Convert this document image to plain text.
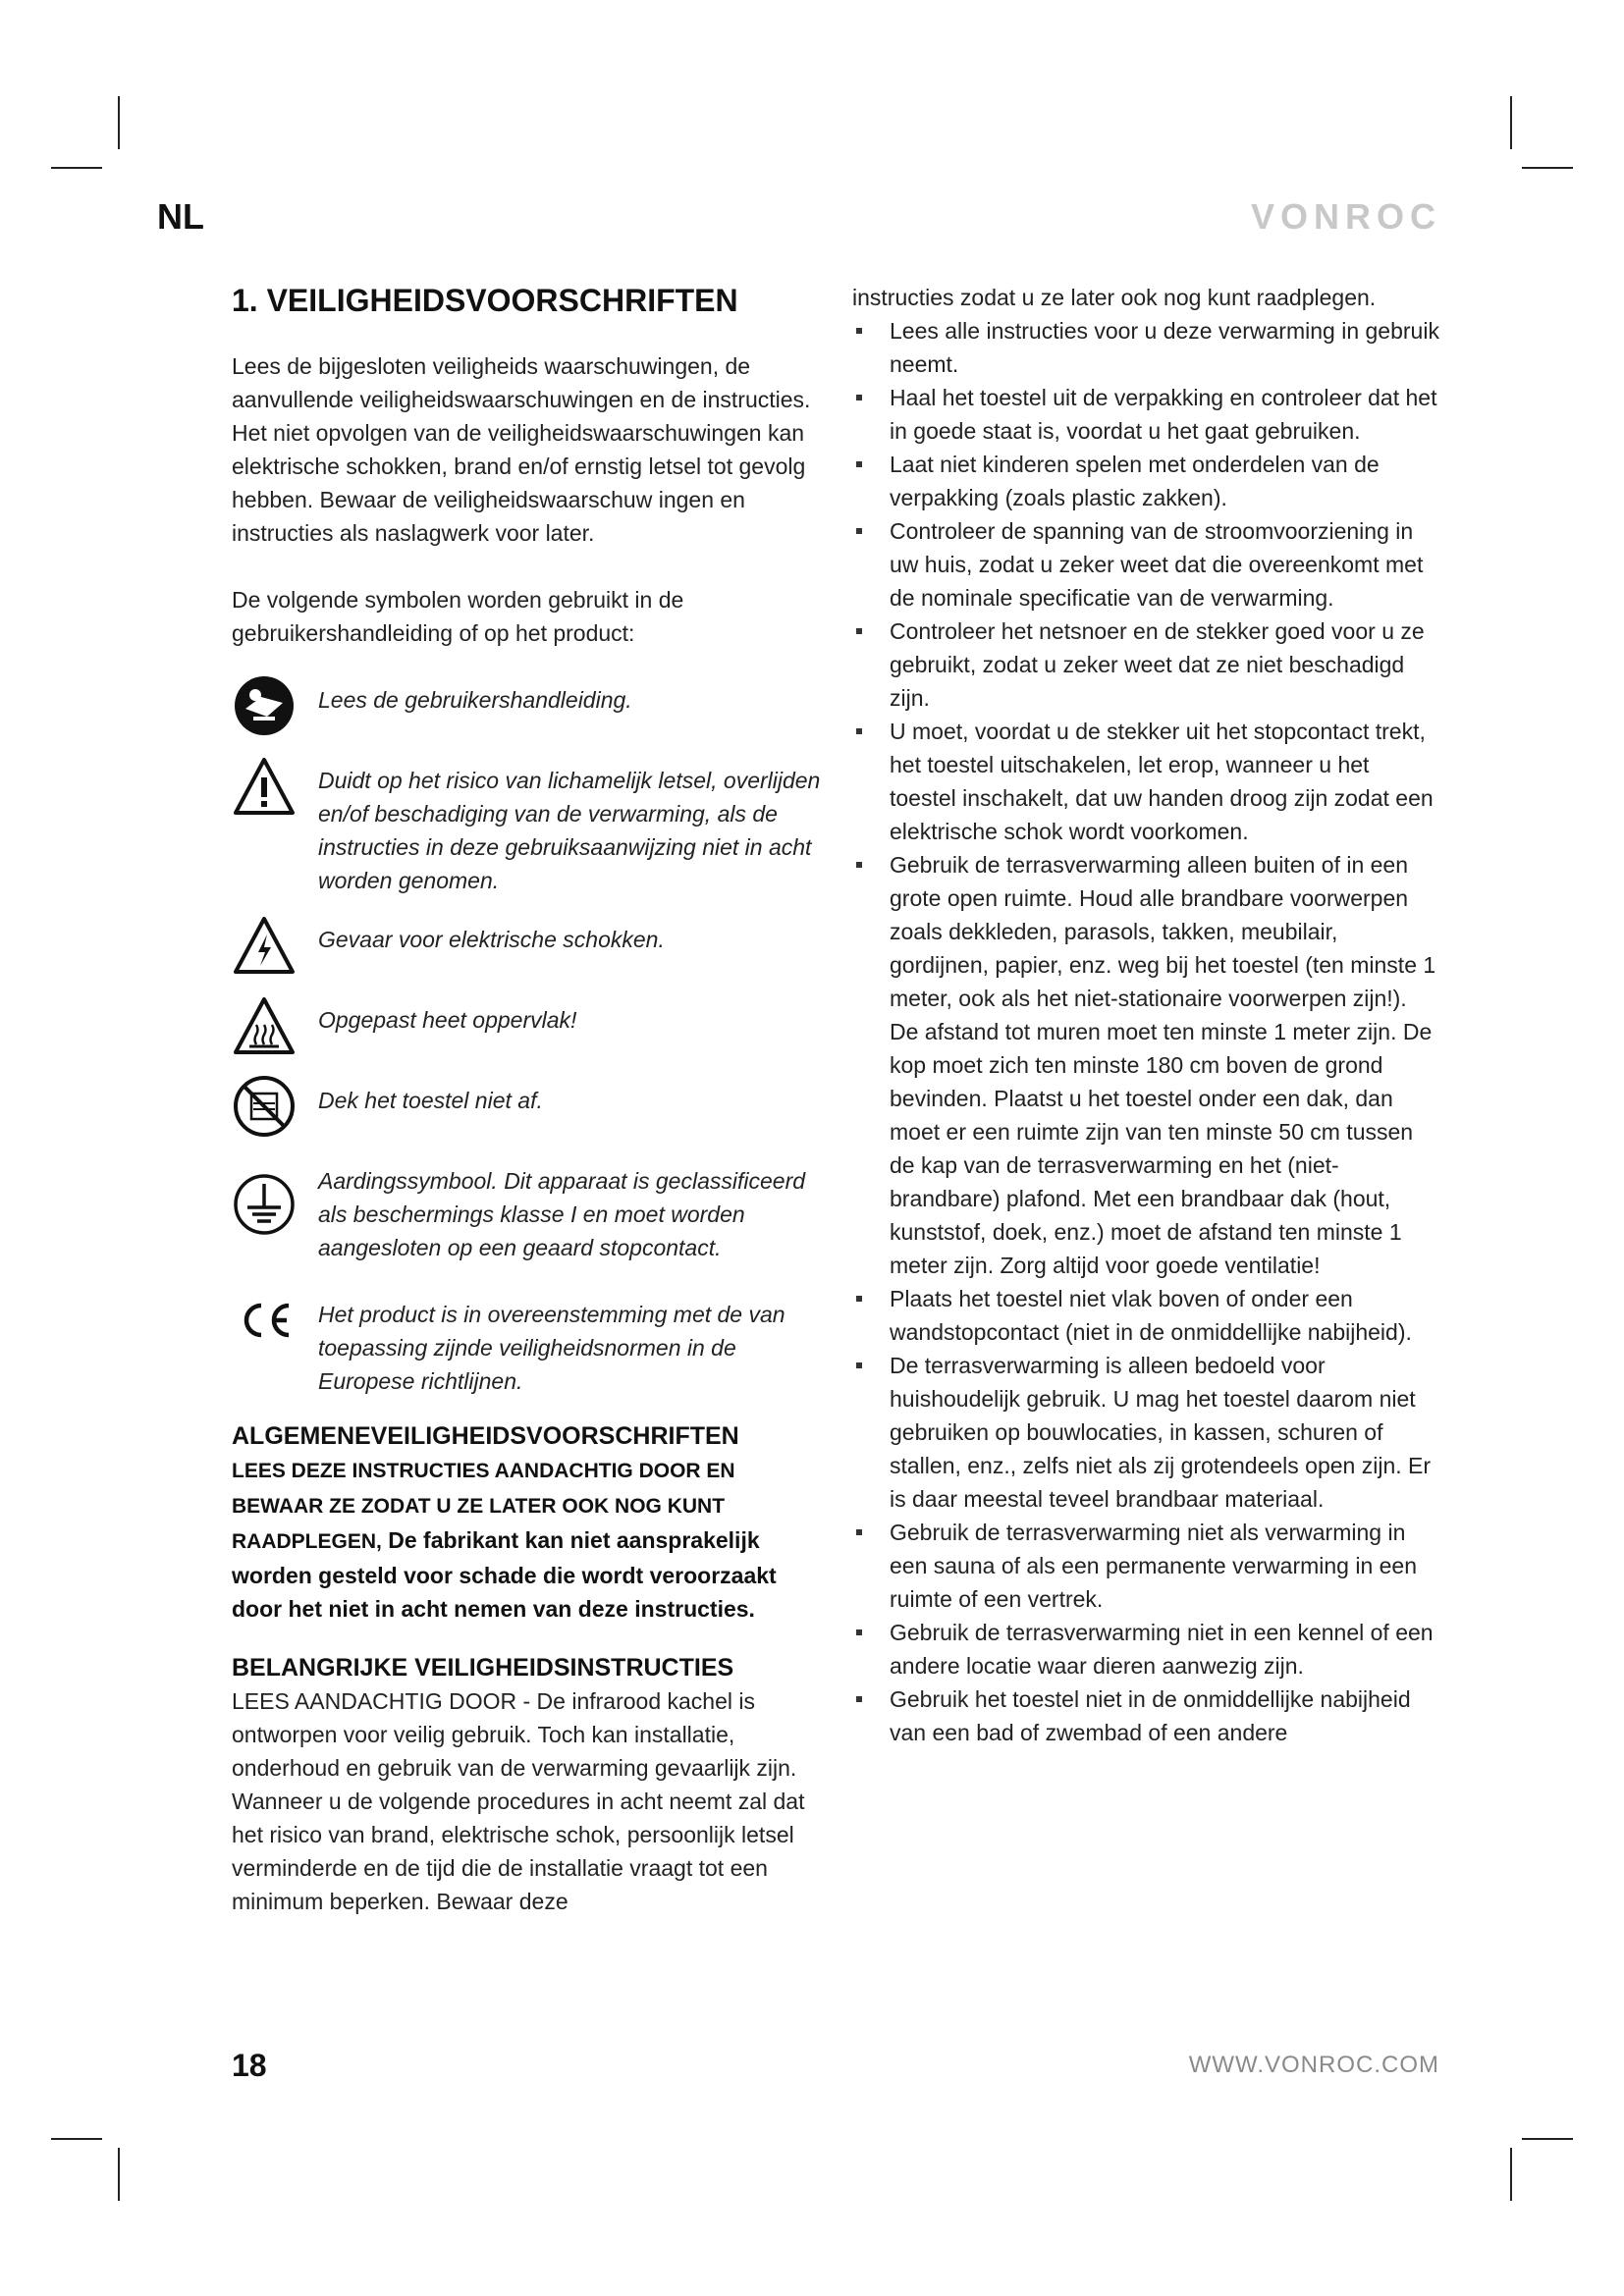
NL	VONROC
1. VEILIGHEIDSVOORSCHRIFTEN

Lees de bijgesloten veiligheids waarschuwingen, de aanvullende veiligheidswaarschuwingen en de instructies. Het niet opvolgen van de veiligheidswaarschuwingen kan elektrische schokken, brand en/of ernstig letsel tot gevolg hebben. Bewaar de veiligheidswaarschuw ingen en instructies als naslagwerk voor later.

De volgende symbolen worden gebruikt in de gebruikershandleiding of op het product:

Lees de gebruikershandleiding.
Duidt op het risico van lichamelijk letsel, overlijden en/of beschadiging van de verwarming, als de instructies in deze gebruiksaanwijzing niet in acht worden genomen.
Gevaar voor elektrische schokken.
Opgepast heet oppervlak!
Dek het toestel niet af.
Aardingssymbool. Dit apparaat is geclassificeerd als beschermings klasse I en moet worden aangesloten op een geaard stopcontact.
Het product is in overeenstemming met de van toepassing zijnde veiligheidsnormen in de Europese richtlijnen.
ALGEMENEVEILIGHEIDSVOORSCHRIFTEN

LEES DEZE INSTRUCTIES AANDACHTIG DOOR EN BEWAAR ZE ZODAT U ZE LATER OOK NOG KUNT RAADPLEGEN, De fabrikant kan niet aansprakelijk worden gesteld voor schade die wordt veroorzaakt door het niet in acht nemen van deze instructies.

BELANGRIJKE VEILIGHEIDSINSTRUCTIES

LEES AANDACHTIG DOOR - De infrarood kachel is ontworpen voor veilig gebruik. Toch kan installatie, onderhoud en gebruik van de verwarming gevaarlijk zijn. Wanneer u de volgende procedures in acht neemt zal dat het risico van brand, elektrische schok, persoonlijk letsel verminderde en de tijd die de installatie vraagt tot een minimum beperken. Bewaar deze

instructies zodat u ze later ook nog kunt raadplegen.

Lees alle instructies voor u deze verwarming in gebruik neemt.
Haal het toestel uit de verpakking en controleer dat het in goede staat is, voordat u het gaat gebruiken.
Laat niet kinderen spelen met onderdelen van de verpakking (zoals plastic zakken).
Controleer de spanning van de stroomvoorziening in uw huis, zodat u zeker weet dat die overeenkomt met de nominale specificatie van de verwarming.
Controleer het netsnoer en de stekker goed voor u ze gebruikt, zodat u zeker weet dat ze niet beschadigd zijn.
U moet, voordat u de stekker uit het stopcontact trekt, het toestel uitschakelen, let erop, wanneer u het toestel inschakelt, dat uw handen droog zijn zodat een elektrische schok wordt voorkomen.
Gebruik de terrasverwarming alleen buiten of in een grote open ruimte. Houd alle brandbare voorwerpen zoals dekkleden, parasols, takken, meubilair, gordijnen, papier, enz. weg bij het toestel (ten minste 1 meter, ook als het niet-stationaire voorwerpen zijn!). De afstand tot muren moet ten minste 1 meter zijn. De kop moet zich ten minste 180 cm boven de grond bevinden. Plaatst u het toestel onder een dak, dan moet er een ruimte zijn van ten minste 50 cm tussen de kap van de terrasverwarming en het (niet-brandbare) plafond. Met een brandbaar dak (hout, kunststof, doek, enz.) moet de afstand ten minste 1 meter zijn. Zorg altijd voor goede ventilatie!
Plaats het toestel niet vlak boven of onder een wandstopcontact (niet in de onmiddellijke nabijheid).
De terrasverwarming is alleen bedoeld voor huishoudelijk gebruik. U mag het toestel daarom niet gebruiken op bouwlocaties, in kassen, schuren of stallen, enz., zelfs niet als zij grotendeels open zijn. Er is daar meestal teveel brandbaar materiaal.
Gebruik de terrasverwarming niet als verwarming in een sauna of als een permanente verwarming in een ruimte of een vertrek.
Gebruik de terrasverwarming niet in een kennel of een andere locatie waar dieren aanwezig zijn.
Gebruik het toestel niet in de onmiddellijke nabijheid van een bad of zwembad of een andere
18	WWW.VONROC.COM
